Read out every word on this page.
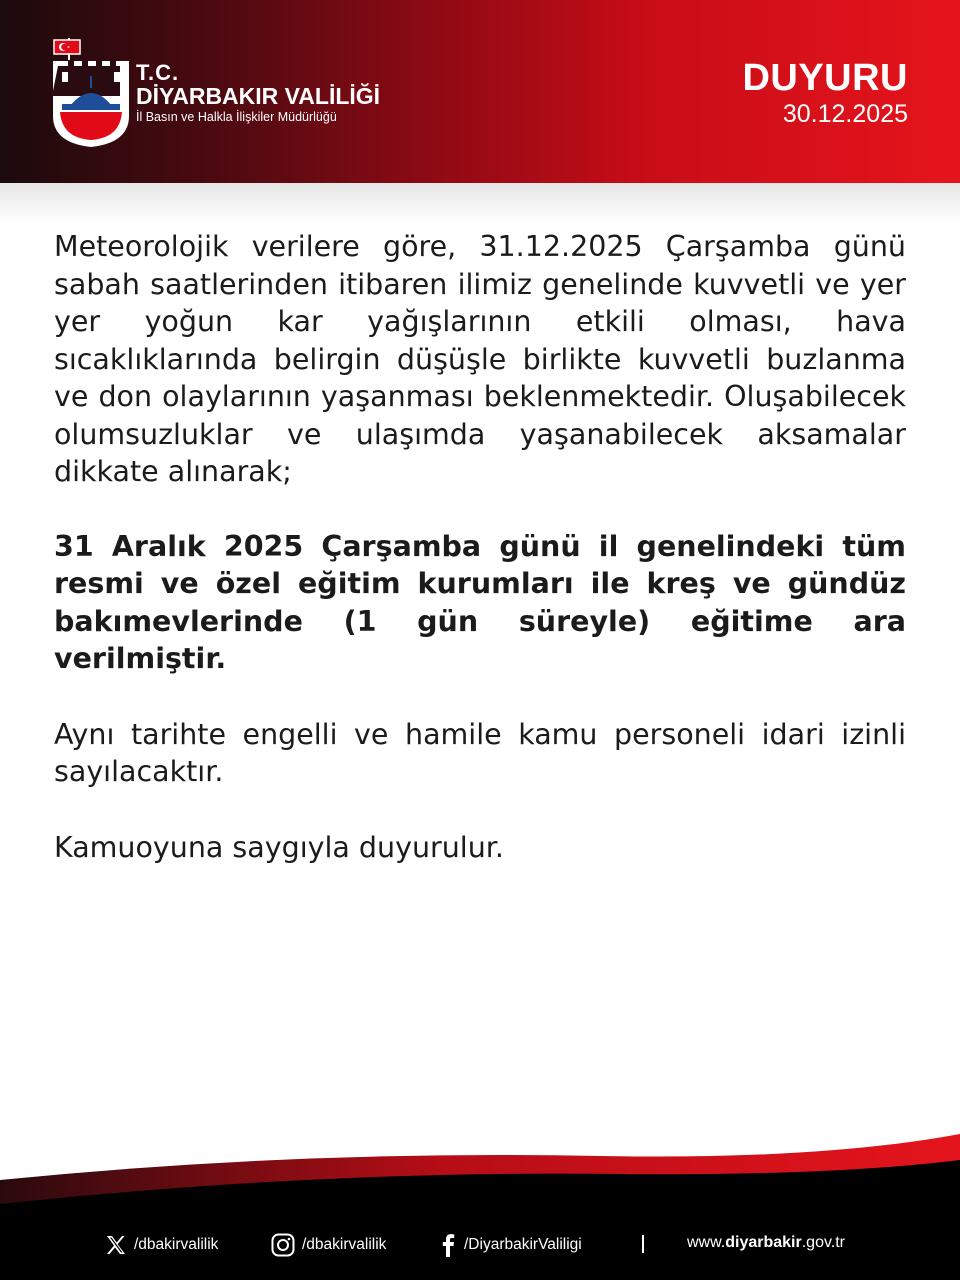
T.C.
DİYARBAKIR VALİLİĞİ
İl Basın ve Halkla İlişkiler Müdürlüğü
DUYURU
30.12.2025

Meteorolojik verilere göre, 31.12.2025 Çarşamba günü sabah saatlerinden itibaren ilimiz genelinde kuvvetli ve yer yer yoğun kar yağışlarının etkili olması, hava sıcaklıklarında belirgin düşüşle birlikte kuvvetli buzlanma ve don olaylarının yaşanması beklenmektedir. Oluşabilecek olumsuzluklar ve ulaşımda yaşanabilecek aksamalar dikkate alınarak;

31 Aralık 2025 Çarşamba günü il genelindeki tüm resmi ve özel eğitim kurumları ile kreş ve gündüz bakımevlerinde (1 gün süreyle) eğitime ara verilmiştir.

Aynı tarihte engelli ve hamile kamu personeli idari izinli sayılacaktır.

Kamuoyuna saygıyla duyurulur.

/dbakirvalilik	/dbakirvalilik	/DiyarbakirValiligi	www.diyarbakir.gov.tr
